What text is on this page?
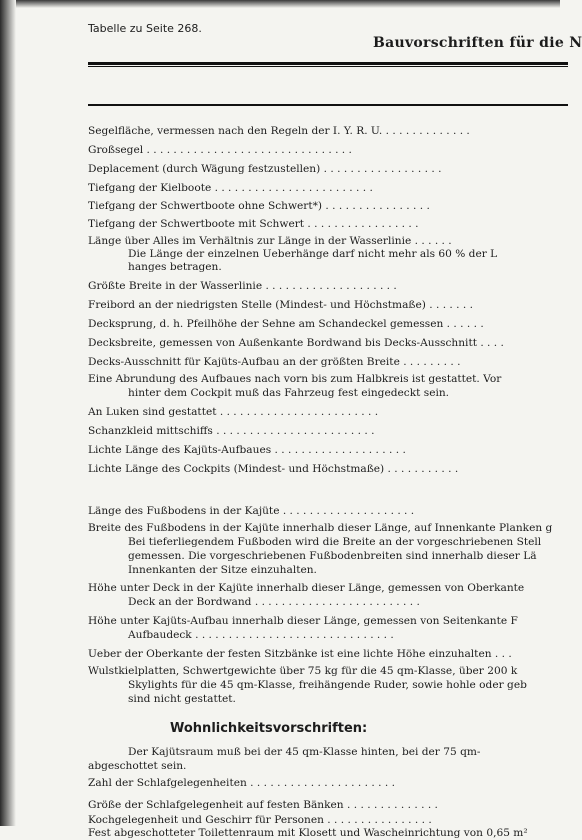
Tabelle zu Seite 268.
Bauvorschriften für die N
Segelfläche, vermessen nach den Regeln der I. Y. R. U. . . . . . . . . . . . . .
Großsegel . . . . . . . . . . . . . . . . . . . . . . . . . . . . . . .
Deplacement (durch Wägung festzustellen) . . . . . . . . . . . . . . . . . .
Tiefgang der Kielboote . . . . . . . . . . . . . . . . . . . . . . . .
Tiefgang der Schwertboote ohne Schwert*) . . . . . . . . . . . . . . . .
Tiefgang der Schwertboote mit Schwert . . . . . . . . . . . . . . . . .
Länge über Alles im Verhältnis zur Länge in der Wasserlinie . . . . . .
Die Länge der einzelnen Ueberhänge darf nicht mehr als 60 % der L
hanges betragen.
Größte Breite in der Wasserlinie . . . . . . . . . . . . . . . . . . . .
Freibord an der niedrigsten Stelle (Mindest- und Höchstmaße) . . . . . . .
Decksprung, d. h. Pfeilhöhe der Sehne am Schandeckel gemessen . . . . . .
Decksbreite, gemessen von Außenkante Bordwand bis Decks-Ausschnitt . . . .
Decks-Ausschnitt für Kajüts-Aufbau an der größten Breite . . . . . . . . .
Eine Abrundung des Aufbaues nach vorn bis zum Halbkreis ist gestattet. Vor
hinter dem Cockpit muß das Fahrzeug fest eingedeckt sein.
An Luken sind gestattet . . . . . . . . . . . . . . . . . . . . . . . .
Schanzkleid mittschiffs . . . . . . . . . . . . . . . . . . . . . . . .
Lichte Länge des Kajüts-Aufbaues . . . . . . . . . . . . . . . . . . . .
Lichte Länge des Cockpits (Mindest- und Höchstmaße) . . . . . . . . . . .
Länge des Fußbodens in der Kajüte . . . . . . . . . . . . . . . . . . . .
Breite des Fußbodens in der Kajüte innerhalb dieser Länge, auf Innenkante Planken g
Bei tieferliegendem Fußboden wird die Breite an der vorgeschriebenen Stell
gemessen. Die vorgeschriebenen Fußbodenbreiten sind innerhalb dieser Lä
Innenkanten der Sitze einzuhalten.
Höhe unter Deck in der Kajüte innerhalb dieser Länge, gemessen von Oberkante
Deck an der Bordwand . . . . . . . . . . . . . . . . . . . . . . . . .
Höhe unter Kajüts-Aufbau innerhalb dieser Länge, gemessen von Seitenkante F
Aufbaudeck . . . . . . . . . . . . . . . . . . . . . . . . . . . . . .
Ueber der Oberkante der festen Sitzbänke ist eine lichte Höhe einzuhalten . . .
Wulstkielplatten, Schwertgewichte über 75 kg für die 45 qm-Klasse, über 200 k
Skylights für die 45 qm-Klasse, freihängende Ruder, sowie hohle oder geb
sind nicht gestattet.
Wohnlichkeitsvorschriften:
Der Kajütsraum muß bei der 45 qm-Klasse hinten, bei der 75 qm-
abgeschottet sein.
Zahl der Schlafgelegenheiten . . . . . . . . . . . . . . . . . . . . . .
Größe der Schlafgelegenheit auf festen Bänken . . . . . . . . . . . . . .
Kochgelegenheit und Geschirr für Personen . . . . . . . . . . . . . . . .
Fest abgeschotteter Toilettenraum mit Klosett und Wascheinrichtung von 0,65 m²
